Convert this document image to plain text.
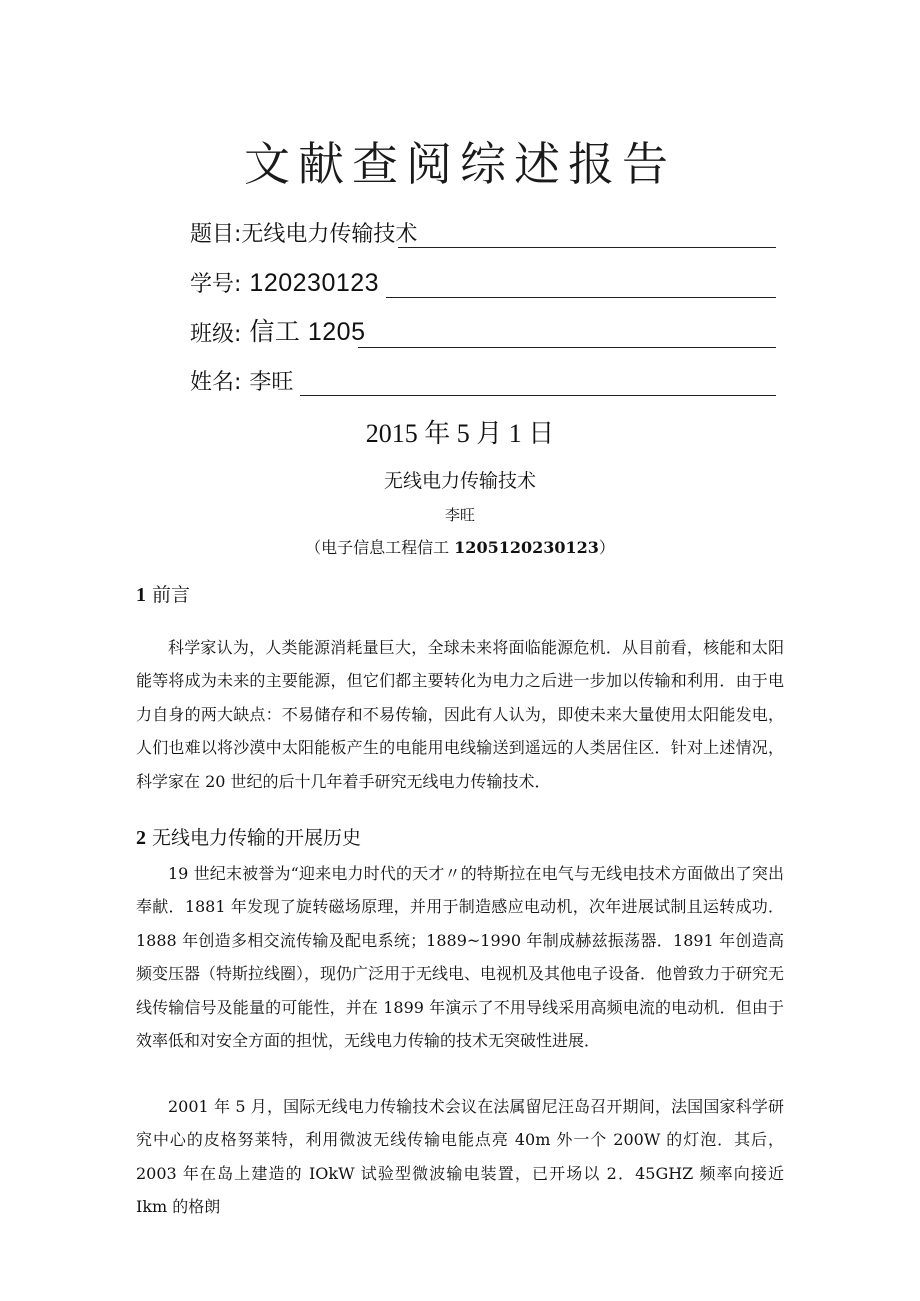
文献查阅综述报告
题目: 无线电力传输技术
学号: 120230123
班级: 信工 1205
姓名: 李旺
2015 年 5 月 1 日
无线电力传输技术
李旺
（电子信息工程信工 1205120230123）
1 前言
科学家认为，人类能源消耗量巨大，全球未来将面临能源危机．从目前看，核能和太阳能等将成为未来的主要能源，但它们都主要转化为电力之后进一步加以传输和利用．由于电力自身的两大缺点：不易储存和不易传输，因此有人认为，即使未来大量使用太阳能发电，人们也难以将沙漠中太阳能板产生的电能用电线输送到遥远的人类居住区．针对上述情况，科学家在 20 世纪的后十几年着手研究无线电力传输技术．
2 无线电力传输的开展历史
19 世纪末被誉为“迎来电力时代的天才〃的特斯拉在电气与无线电技术方面做出了突出奉献．1881 年发现了旋转磁场原理，并用于制造感应电动机，次年进展试制且运转成功．1888 年创造多相交流传输及配电系统；1889~1990 年制成赫兹振荡器．1891 年创造高频变压器（特斯拉线圈），现仍广泛用于无线电、电视机及其他电子设备．他曾致力于研究无线传输信号及能量的可能性，并在 1899 年演示了不用导线采用高频电流的电动机．但由于效率低和对安全方面的担忧，无线电力传输的技术无突破性进展．
2001 年 5 月，国际无线电力传输技术会议在法属留尼汪岛召开期间，法国国家科学研究中心的皮格努莱特，利用微波无线传输电能点亮 40m 外一个 200W 的灯泡．其后，2003 年在岛上建造的 IOkW 试验型微波输电装置，已开场以 2．45GHZ 频率向接近 Ikm 的格朗
